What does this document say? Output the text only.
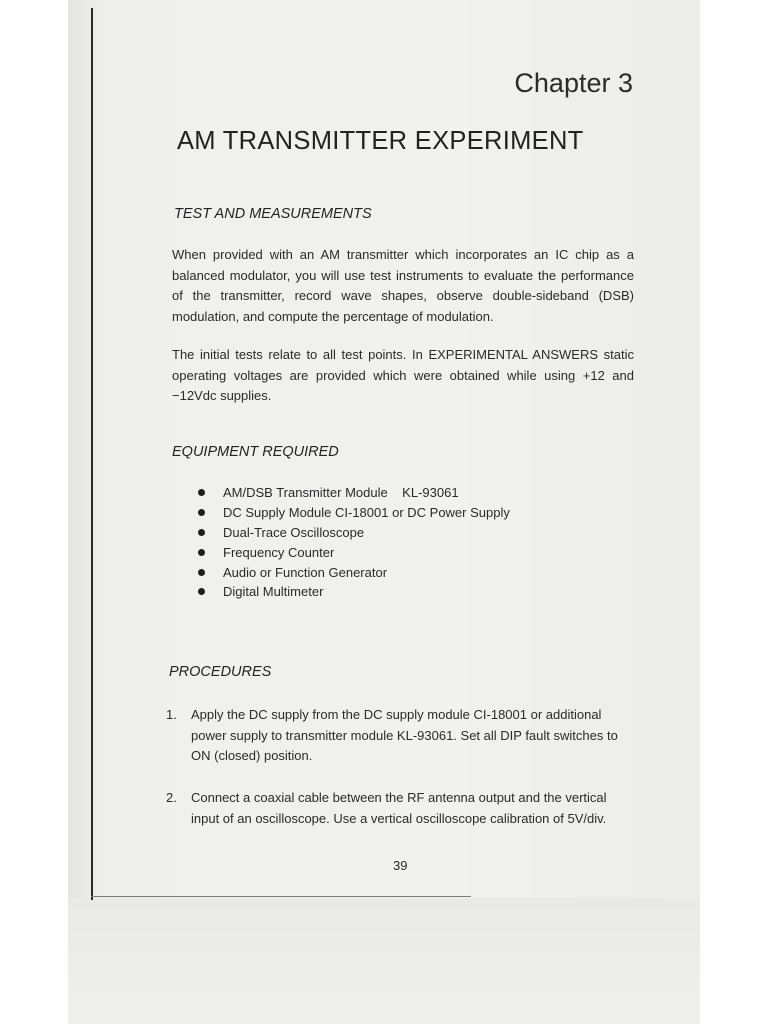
Chapter 3
AM TRANSMITTER EXPERIMENT
TEST AND MEASUREMENTS
When provided with an AM transmitter which incorporates an IC chip as a balanced modulator, you will use test instruments to evaluate the performance of the transmitter, record wave shapes, observe double-sideband (DSB) modulation, and compute the percentage of modulation.
The initial tests relate to all test points. In EXPERIMENTAL ANSWERS static operating voltages are provided which were obtained while using +12 and −12Vdc supplies.
EQUIPMENT REQUIRED
AM/DSB Transmitter Module    KL-93061
DC Supply Module CI-18001 or DC Power Supply
Dual-Trace Oscilloscope
Frequency Counter
Audio or Function Generator
Digital Multimeter
PROCEDURES
1.	Apply the DC supply from the DC supply module CI-18001 or additional power supply to transmitter module KL-93061. Set all DIP fault switches to ON (closed) position.
2.	Connect a coaxial cable between the RF antenna output and the vertical input of an oscilloscope. Use a vertical oscilloscope calibration of 5V/div.
39
